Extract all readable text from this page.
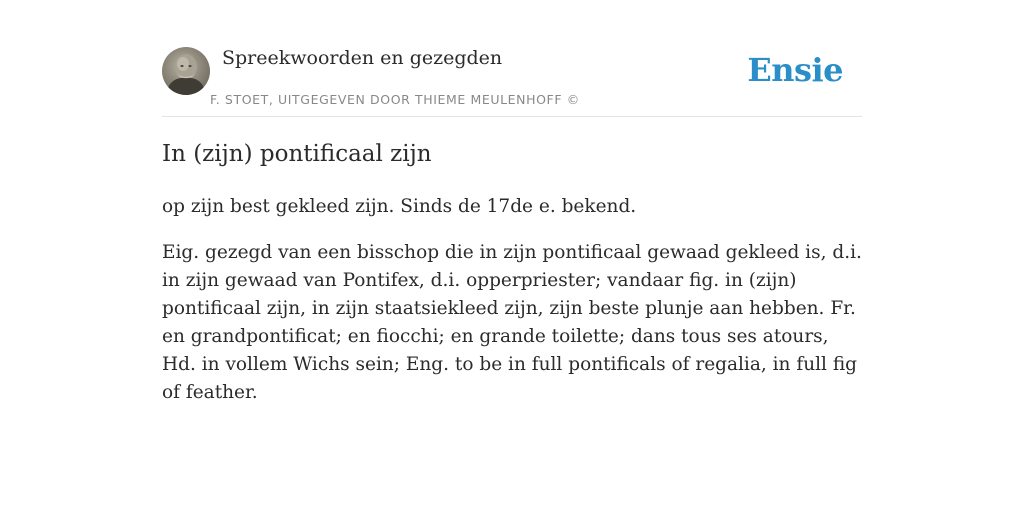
Spreekwoorden en gezegden
F. STOET, UITGEGEVEN DOOR THIEME MEULENHOFF ©
Ensie
In (zijn) pontificaal zijn

op zijn best gekleed zijn. Sinds de 17de e. bekend.

Eig. gezegd van een bisschop die in zijn pontificaal gewaad gekleed is, d.i. in zijn gewaad van Pontifex, d.i. opperpriester; vandaar fig. in (zijn) pontificaal zijn, in zijn staatsiekleed zijn, zijn beste plunje aan hebben. Fr. en grandpontificat; en fiocchi; en grande toilette; dans tous ses atours, Hd. in vollem Wichs sein; Eng. to be in full pontificals of regalia, in full fig of feather.
